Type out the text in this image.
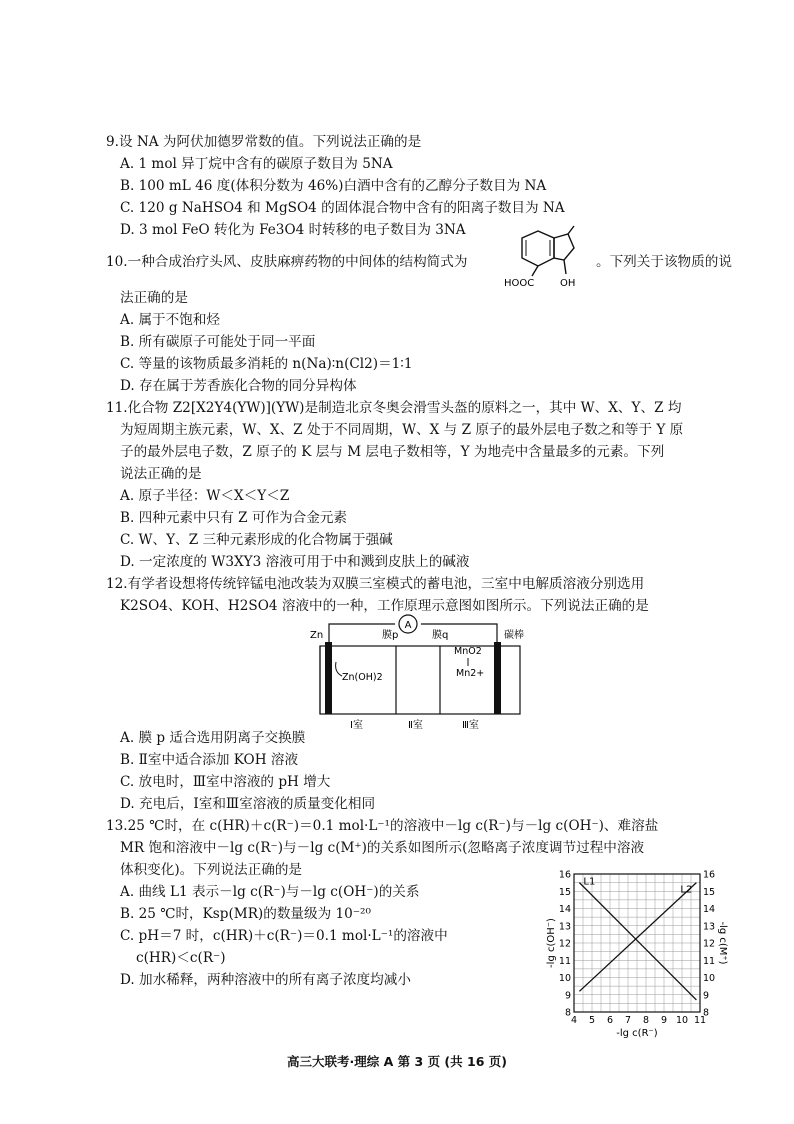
9.设 NA 为阿伏加德罗常数的值。下列说法正确的是
A. 1 mol 异丁烷中含有的碳原子数目为 5NA
B. 100 mL 46 度(体积分数为 46%)白酒中含有的乙醇分子数目为 NA
C. 120 g NaHSO4 和 MgSO4 的固体混合物中含有的阳离子数目为 NA
D. 3 mol FeO 转化为 Fe3O4 时转移的电子数目为 3NA
10.一种合成治疗头风、皮肤麻痹药物的中间体的结构简式为
HOOC	OH
。下列关于该物质的说
法正确的是
A. 属于不饱和烃
B. 所有碳原子可能处于同一平面
C. 等量的该物质最多消耗的 n(Na)∶n(Cl2)＝1∶1
D. 存在属于芳香族化合物的同分异构体
11.化合物 Z2[X2Y4(YW)](YW)是制造北京冬奥会滑雪头盔的原料之一，其中 W、X、Y、Z 均
为短周期主族元素，W、X、Z 处于不同周期，W、X 与 Z 原子的最外层电子数之和等于 Y 原
子的最外层电子数，Z 原子的 K 层与 M 层电子数相等，Y 为地壳中含量最多的元素。下列
说法正确的是
A. 原子半径：W＜X＜Y＜Z
B. 四种元素中只有 Z 可作为合金元素
C. W、Y、Z 三种元素形成的化合物属于强碱
D. 一定浓度的 W3XY3 溶液可用于中和溅到皮肤上的碱液
12.有学者设想将传统锌锰电池改装为双膜三室模式的蓄电池，三室中电解质溶液分别选用
K2SO4、KOH、H2SO4 溶液中的一种，工作原理示意图如图所示。下列说法正确的是
A
Zn	碳棒
膜p	膜q
Zn(OH)2
MnO2
Mn2+
Ⅰ室	Ⅱ室	Ⅲ室
A. 膜 p 适合选用阴离子交换膜
B. Ⅱ室中适合添加 KOH 溶液
C. 放电时，Ⅲ室中溶液的 pH 增大
D. 充电后，Ⅰ室和Ⅲ室溶液的质量变化相同
13.25 ℃时，在 c(HR)＋c(R⁻)＝0.1 mol·L⁻¹的溶液中－lg c(R⁻)与－lg c(OH⁻)、难溶盐
MR 饱和溶液中－lg c(R⁻)与－lg c(M⁺)的关系如图所示(忽略离子浓度调节过程中溶液
体积变化)。下列说法正确的是
A. 曲线 L1 表示－lg c(R⁻)与－lg c(OH⁻)的关系
B. 25 ℃时，Ksp(MR)的数量级为 10⁻²⁰
C. pH＝7 时，c(HR)＋c(R⁻)＝0.1 mol·L⁻¹的溶液中
c(HR)＜c(R⁻)
D. 加水稀释，两种溶液中的所有离子浓度均减小
4 5 6 7 8 9 10 11
8	8
9	9
10	10
11	11
12	12
13	13
14	14
15	15
16	16
L1
L2
-lg c(OH⁻)	-lg c(M⁺)
-lg c(R⁻)
高三大联考·理综 A 第 3 页 (共 16 页)
